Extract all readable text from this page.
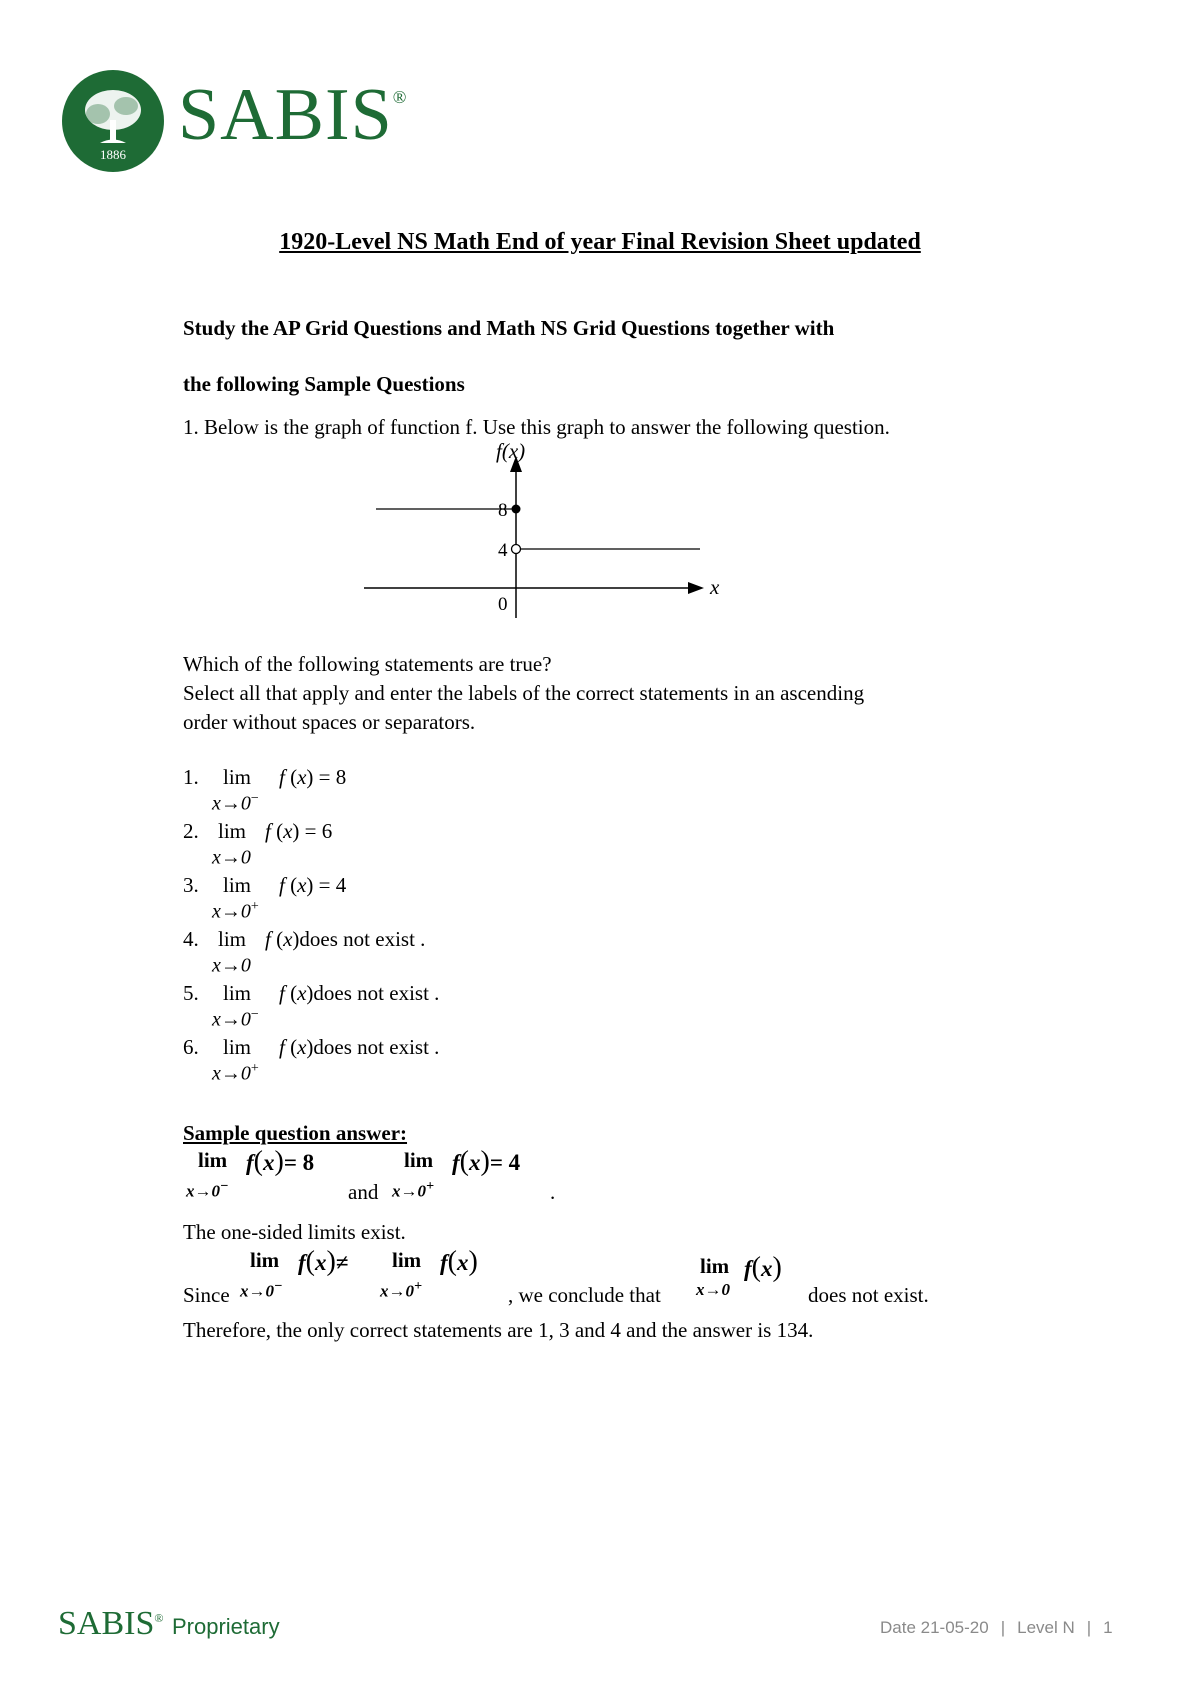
1886 SABIS®
1920-Level NS Math End of year Final Revision Sheet updated
Study the AP Grid Questions and Math NS Grid Questions together with
the following Sample Questions
1. Below is the graph of function f. Use this graph to answer the following question.
f(x)
x
8
4
0
Which of the following statements are true?
Select all that apply and enter the labels of the correct statements in an ascending
order without spaces or separators.
1. lim
x→0−
f (x) = 8
2. lim
x→0
f (x) = 6
3. lim
x→0+
f (x) = 4
4. lim
x→0
f (x)does not exist .
5. lim
x→0−
f (x)does not exist .
6. lim
x→0+
f (x)does not exist .
Sample question answer:
lim f(x)= 8
x→0−	and
lim
x→0+
f(x)= 4
.
The one-sided limits exist.
lim f(x)≠
Since x→0−
lim f(x)
x→0+	, we conclude that
lim f(x)
x→0	does not exist.
Therefore, the only correct statements are 1, 3 and 4 and the answer is 134.
SABIS® Proprietary	Date 21-05-20 | Level N | 1
